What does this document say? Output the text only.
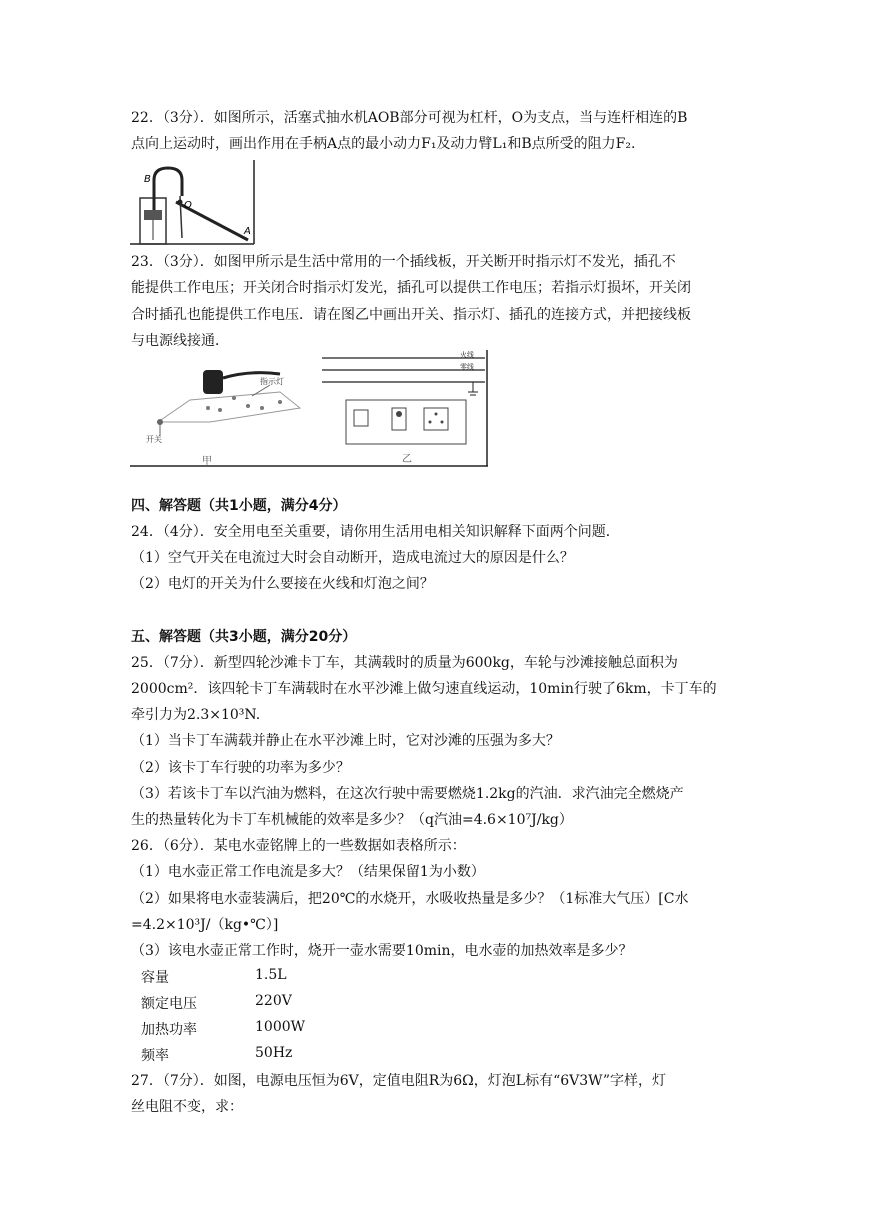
22．（3分）．如图所示，活塞式抽水机AOB部分可视为杠杆，O为支点，当与连杆相连的B
点向上运动时，画出作用在手柄A点的最小动力F₁及动力臂L₁和B点所受的阻力F₂.
B
O
A
23．（3分）．如图甲所示是生活中常用的一个插线板，开关断开时指示灯不发光，插孔不
能提供工作电压；开关闭合时指示灯发光，插孔可以提供工作电压；若指示灯损坏，开关闭
合时插孔也能提供工作电压．请在图乙中画出开关、指示灯、插孔的连接方式，并把接线板
与电源线接通．
开关
指示灯
甲
火线
零线
乙
四、解答题（共1小题，满分4分）
24．（4分）．安全用电至关重要，请你用生活用电相关知识解释下面两个问题．
（1）空气开关在电流过大时会自动断开，造成电流过大的原因是什么？
（2）电灯的开关为什么要接在火线和灯泡之间？
五、解答题（共3小题，满分20分）
25．（7分）．新型四轮沙滩卡丁车，其满载时的质量为600kg，车轮与沙滩接触总面积为
2000cm²．该四轮卡丁车满载时在水平沙滩上做匀速直线运动，10min行驶了6km，卡丁车的
牵引力为2.3×10³N.
（1）当卡丁车满载并静止在水平沙滩上时，它对沙滩的压强为多大？
（2）该卡丁车行驶的功率为多少？
（3）若该卡丁车以汽油为燃料，在这次行驶中需要燃烧1.2kg的汽油．求汽油完全燃烧产
生的热量转化为卡丁车机械能的效率是多少？（q汽油=4.6×10⁷J/kg）
26．（6分）．某电水壶铭牌上的一些数据如表格所示：
（1）电水壶正常工作电流是多大？（结果保留1为小数）
（2）如果将电水壶装满后，把20℃的水烧开，水吸收热量是多少？（1标准大气压）[C水
=4.2×10³J/（kg•℃）]
（3）该电水壶正常工作时，烧开一壶水需要10min，电水壶的加热效率是多少？
容量	1.5L
额定电压	220V
加热功率	1000W
频率	50Hz
27．（7分）．如图，电源电压恒为6V，定值电阻R为6Ω，灯泡L标有“6V3W”字样，灯
丝电阻不变，求：
